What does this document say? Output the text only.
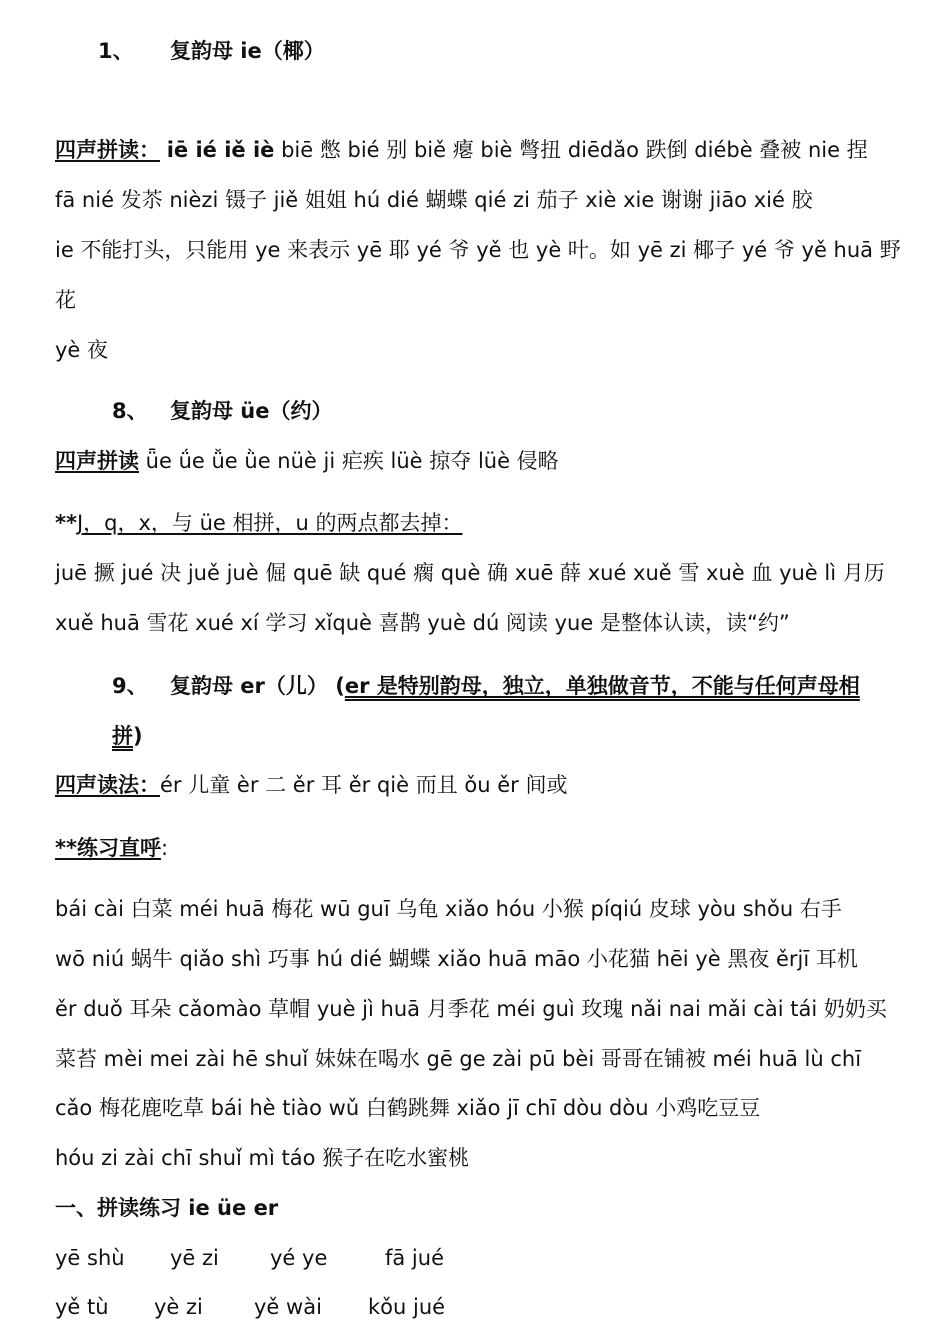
1、 复韵母 ie（椰）
四声拼读： iē ié iě iè biē 憋 bié 别 biě 瘪 biè 彆扭 diēdǎo 跌倒 diébè 叠被 nie 捏
fā nié 发苶 nièzi 镊子 jiě 姐姐 hú dié 蝴蝶 qié zi 茄子 xiè xie 谢谢 jiāo xié 胶
ie 不能打头，只能用 ye 来表示 yē 耶 yé 爷 yě 也 yè 叶。如 yē zi 椰子 yé 爷 yě huā 野
花
yè 夜
8、 复韵母 üe（约）
四声拼读 ǖe ǘe ǚe ǜe nüè ji 疟疾 lüè 掠夺 lüè 侵略
**J，q，x，与 üe 相拼，u 的两点都去掉：
juē 撅 jué 决 juě juè 倔 quē 缺 qué 瘸 què 确 xuē 薛 xué xuě 雪 xuè 血 yuè lì 月历
xuě huā 雪花 xué xí 学习 xǐquè 喜鹊 yuè dú 阅读 yue 是整体认读，读“约”
9、 复韵母 er（儿） (er 是特别韵母，独立，单独做音节，不能与任何声母相
拼)
四声读法：ér 儿童 èr 二 ěr 耳 ěr qiè 而且 ǒu ěr 间或
**练习直呼:
bái cài 白菜 méi huā 梅花 wū guī 乌龟 xiǎo hóu 小猴 píqiú 皮球 yòu shǒu 右手
wō niú 蜗牛 qiǎo shì 巧事 hú dié 蝴蝶 xiǎo huā māo 小花猫 hēi yè 黑夜 ěrjī 耳机
ěr duǒ 耳朵 cǎomào 草帽 yuè jì huā 月季花 méi guì 玫瑰 nǎi nai mǎi cài tái 奶奶买
菜苔 mèi mei zài hē shuǐ 妹妹在喝水 gē ge zài pū bèi 哥哥在铺被 méi huā lù chī
cǎo 梅花鹿吃草 bái hè tiào wǔ 白鹤跳舞 xiǎo jī chī dòu dòu 小鸡吃豆豆
hóu zi zài chī shuǐ mì táo 猴子在吃水蜜桃
一、拼读练习 ie üe er
yē shù yē zi yé ye	fā jué
yě tù yè zi yě wài kǒu jué
